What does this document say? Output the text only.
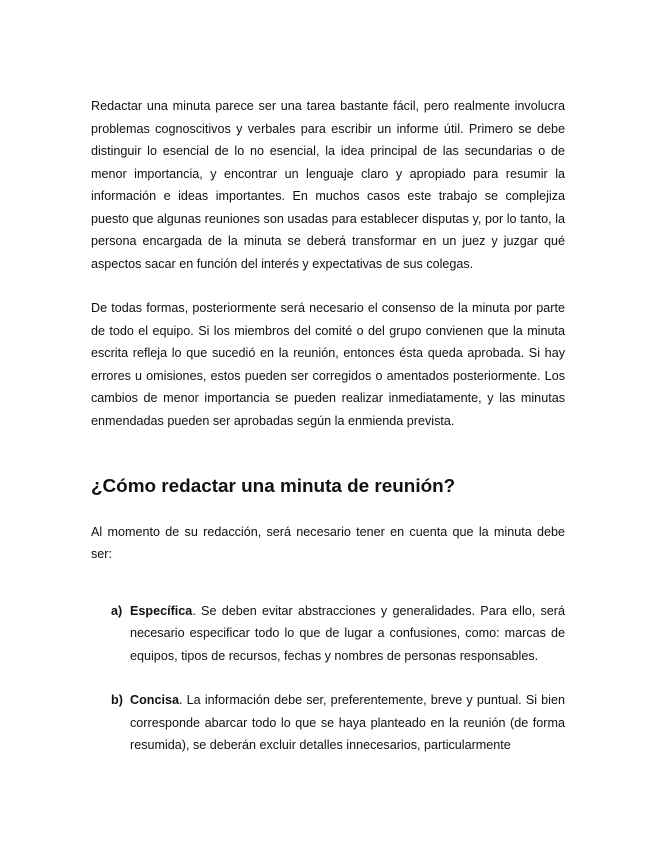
Redactar una minuta parece ser una tarea bastante fácil, pero realmente involucra problemas cognoscitivos y verbales para escribir un informe útil. Primero se debe distinguir lo esencial de lo no esencial, la idea principal de las secundarias o de menor importancia, y encontrar un lenguaje claro y apropiado para resumir la información e ideas importantes. En muchos casos este trabajo se complejiza puesto que algunas reuniones son usadas para establecer disputas y, por lo tanto, la persona encargada de la minuta se deberá transformar en un juez y juzgar qué aspectos sacar en función del interés y expectativas de sus colegas.

De todas formas, posteriormente será necesario el consenso de la minuta por parte de todo el equipo. Si los miembros del comité o del grupo convienen que la minuta escrita refleja lo que sucedió en la reunión, entonces ésta queda aprobada. Si hay errores u omisiones, estos pueden ser corregidos o amentados posteriormente. Los cambios de menor importancia se pueden realizar inmediatamente, y las minutas enmendadas pueden ser aprobadas según la enmienda prevista.

¿Cómo redactar una minuta de reunión?

Al momento de su redacción, será necesario tener en cuenta que la minuta debe ser:

a) Específica. Se deben evitar abstracciones y generalidades. Para ello, será necesario especificar todo lo que de lugar a confusiones, como: marcas de equipos, tipos de recursos, fechas y nombres de personas responsables.
b) Concisa. La información debe ser, preferentemente, breve y puntual. Si bien corresponde abarcar todo lo que se haya planteado en la reunión (de forma resumida), se deberán excluir detalles innecesarios, particularmente
